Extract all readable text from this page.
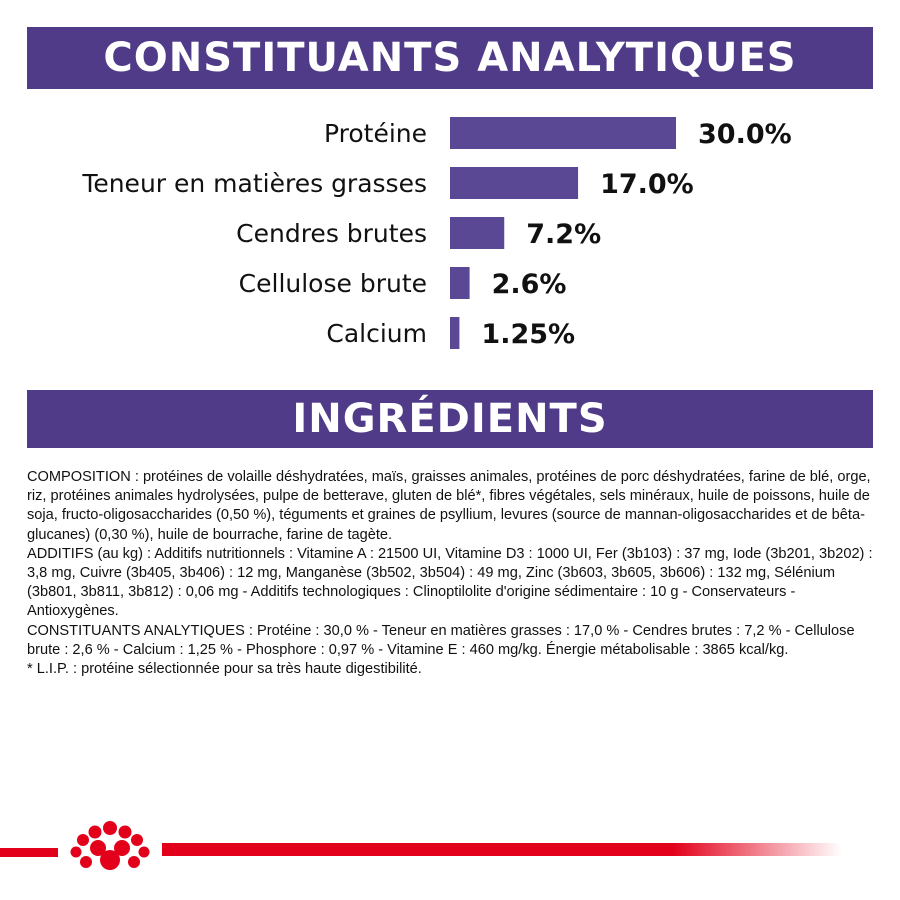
CONSTITUANTS ANALYTIQUES
Protéine	30.0%
Teneur en matières grasses	17.0%
Cendres brutes	7.2%
Cellulose brute 2.6%
Calcium 1.25%
INGRÉDIENTS

COMPOSITION : protéines de volaille déshydratées, maïs, graisses animales, protéines de porc déshydratées, farine de blé, orge, riz, protéines animales hydrolysées, pulpe de betterave, gluten de blé*, fibres végétales, sels minéraux, huile de poissons, huile de soja, fructo-oligosaccharides (0,50 %), téguments et graines de psyllium, levures (source de mannan-oligosaccharides et de bêta-glucanes) (0,30 %), huile de bourrache, farine de tagète.

ADDITIFS (au kg) : Additifs nutritionnels : Vitamine A : 21500 UI, Vitamine D3 : 1000 UI, Fer (3b103) : 37 mg, Iode (3b201, 3b202) : 3,8 mg, Cuivre (3b405, 3b406) : 12 mg, Manganèse (3b502, 3b504) : 49 mg, Zinc (3b603, 3b605, 3b606) : 132 mg, Sélénium (3b801, 3b811, 3b812) : 0,06 mg - Additifs technologiques : Clinoptilolite d'origine sédimentaire : 10 g - Conservateurs - Antioxygènes.

CONSTITUANTS ANALYTIQUES : Protéine : 30,0 % - Teneur en matières grasses : 17,0 % - Cendres brutes : 7,2 % - Cellulose brute : 2,6 % - Calcium : 1,25 % - Phosphore : 0,97 % - Vitamine E : 460 mg/kg. Énergie métabolisable : 3865 kcal/kg.

* L.I.P. : protéine sélectionnée pour sa très haute digestibilité.
